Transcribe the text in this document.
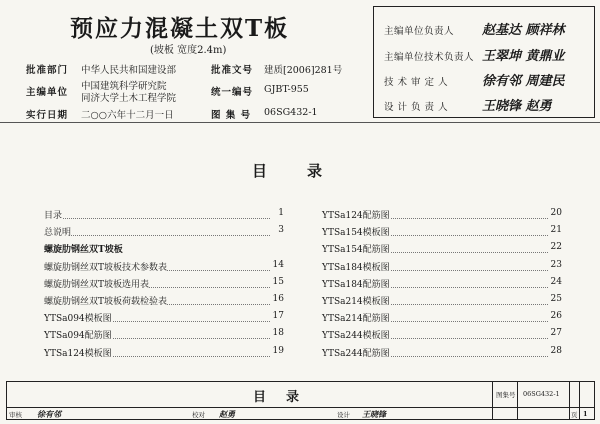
预应力混凝土双T板
(坡板 宽度2.4m)
批准部门 中华人民共和国建设部	批准文号 建质[2006]281号
主编单位
中国建筑科学研究院
同济大学土木工程学院
统一编号 GJBT-955
实行日期 二○○六年十二月一日	图 集 号 06SG432-1
主编单位负责人 赵基达 顾祥林
主编单位技术负责人 王翠坤 黄鼎业
技 术 审 定 人	徐有邻 周建民
设 计 负 责 人	王晓锋 赵勇
目录
目录	1
总说明	3
螺旋肋钢丝双T坡板
螺旋肋钢丝双T坡板技术参数表	14
螺旋肋钢丝双T坡板选用表	15
螺旋肋钢丝双T坡板荷载检验表	16
YTSa094模板图	17
YTSa094配筋图	18
YTSa124模板图	19
YTSa124配筋图	20
YTSa154模板图	21
YTSa154配筋图	22
YTSa184模板图	23
YTSa184配筋图	24
YTSa214模板图	25
YTSa214配筋图	26
YTSa244模板图	27
YTSa244配筋图	28
目录	图集号 06SG432-1
页 1
审核 徐有邻	校对 赵勇	设计 王晓锋
